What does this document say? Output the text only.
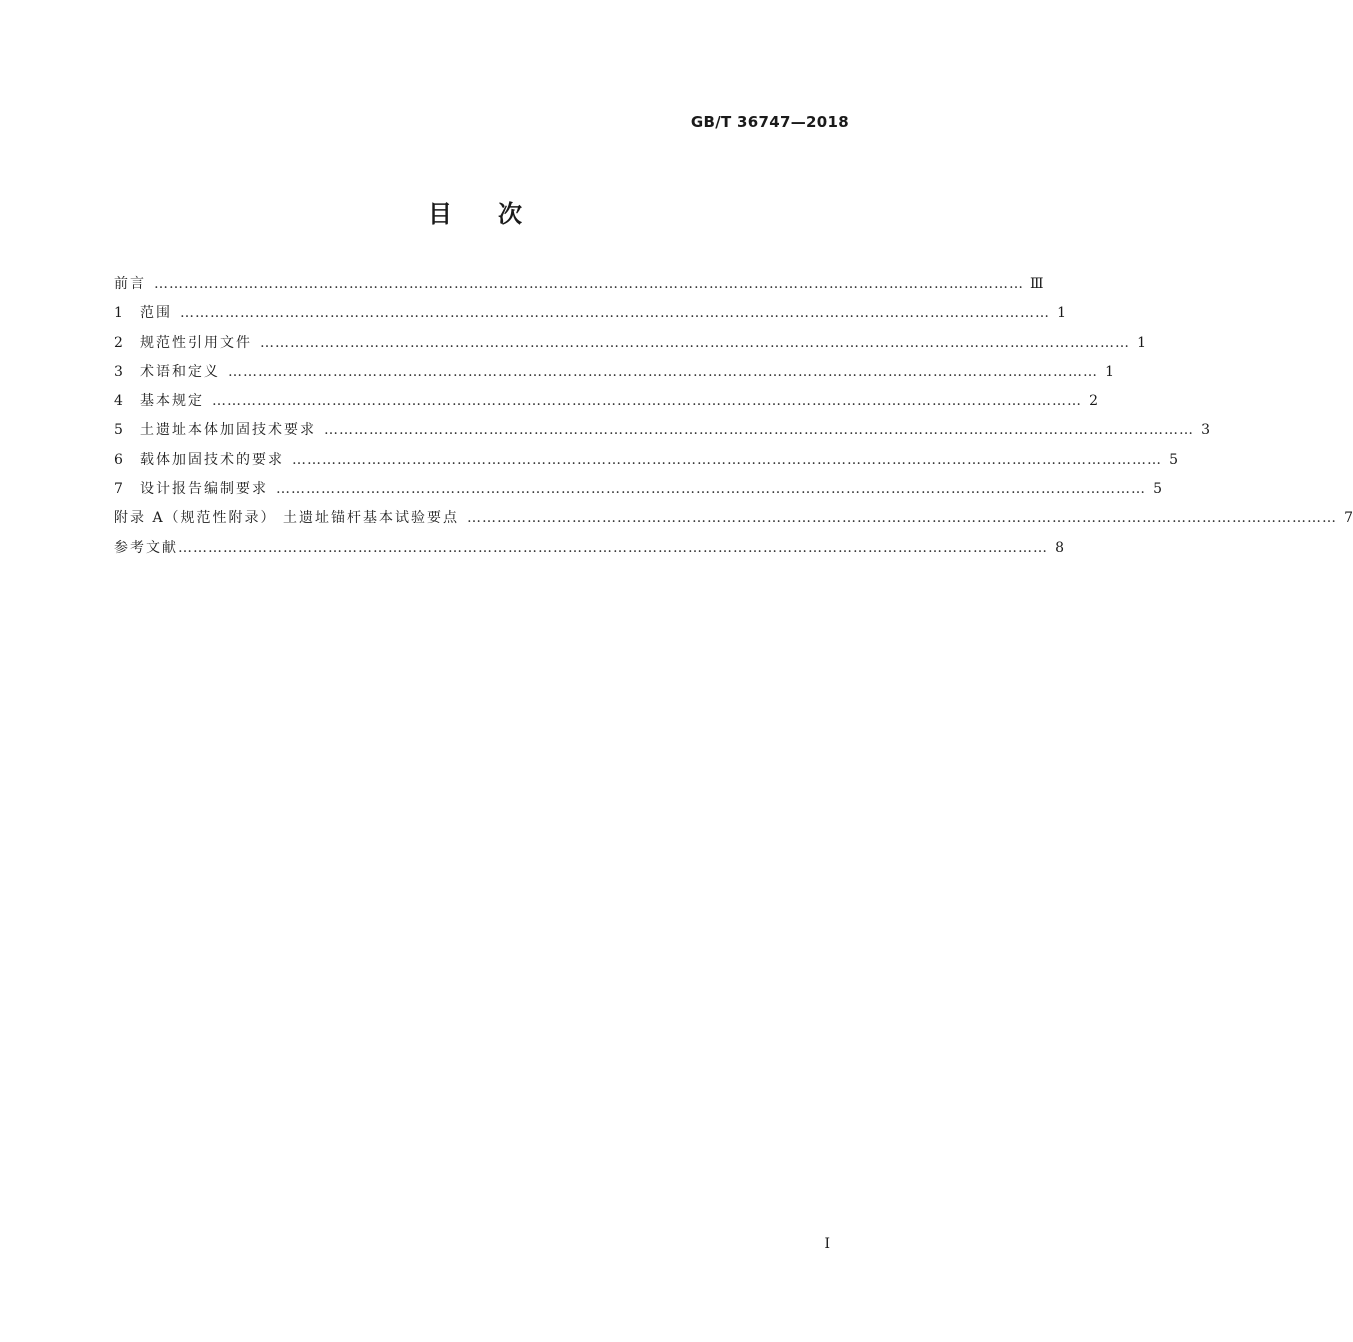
GB/T 36747—2018
目次
前言 ………………………………………………………………………………………………………………………………………………………… Ⅲ
1	范围 ………………………………………………………………………………………………………………………………………………………… 1
2	规范性引用文件 ………………………………………………………………………………………………………………………………………………………… 1
3	术语和定义 ………………………………………………………………………………………………………………………………………………………… 1
4	基本规定 ………………………………………………………………………………………………………………………………………………………… 2
5	土遗址本体加固技术要求 ………………………………………………………………………………………………………………………………………………………… 3
6	载体加固技术的要求 ………………………………………………………………………………………………………………………………………………………… 5
7	设计报告编制要求 ………………………………………………………………………………………………………………………………………………………… 5
附录 A（规范性附录） 土遗址锚杆基本试验要点 ………………………………………………………………………………………………………………………………………………………… 7
参考文献 ………………………………………………………………………………………………………………………………………………………… 8
I
